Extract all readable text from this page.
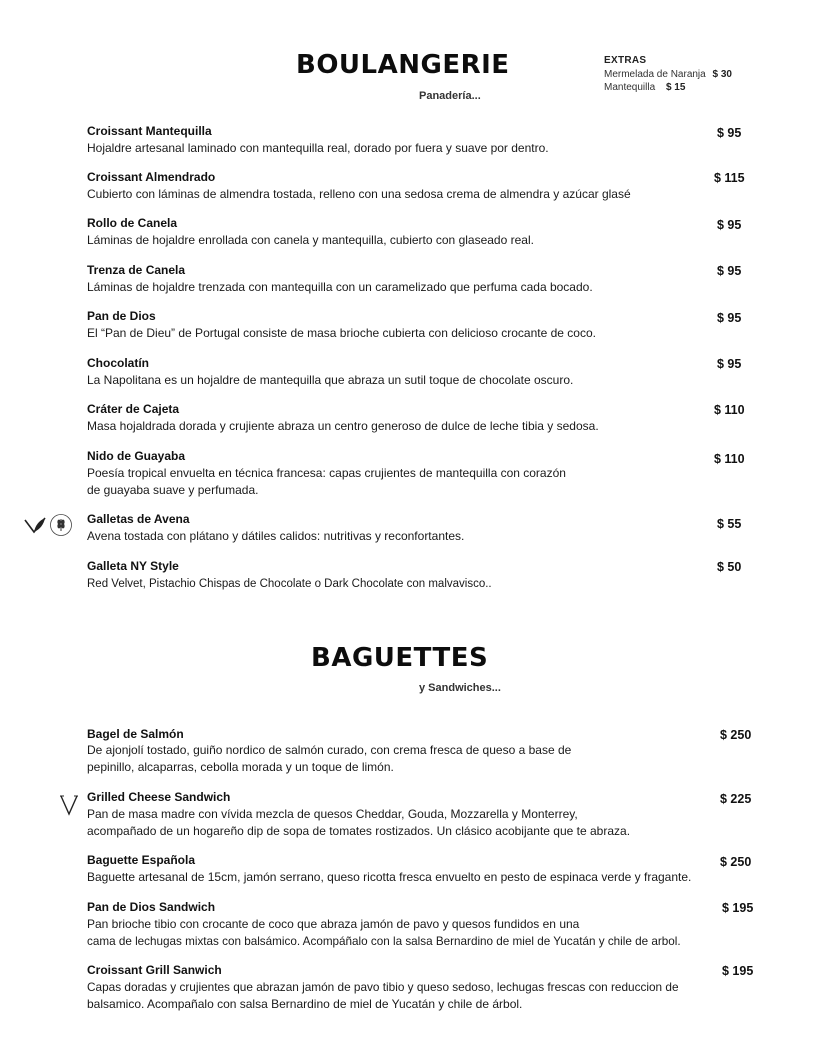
BOULANGERIE
Panadería...
EXTRAS
Mermelada de Naranja $ 30
Mantequilla $ 15
Croissant Mantequilla	$ 95
Hojaldre artesanal laminado con mantequilla real, dorado por fuera y suave por dentro.
Croissant Almendrado	$ 115
Cubierto con láminas de almendra tostada, relleno con una sedosa crema de almendra y azúcar glasé
Rollo de Canela	$ 95
Láminas de hojaldre enrollada con canela y mantequilla, cubierto con glaseado real.
Trenza de Canela	$ 95
Láminas de hojaldre trenzada con mantequilla con un caramelizado que perfuma cada bocado.
Pan de Dios	$ 95
El “Pan de Dieu” de Portugal consiste de masa brioche cubierta con delicioso crocante de coco.
Chocolatín	$ 95
La Napolitana es un hojaldre de mantequilla que abraza un sutil toque de chocolate oscuro.
Cráter de Cajeta	$ 110
Masa hojaldrada dorada y crujiente abraza un centro generoso de dulce de leche tibia y sedosa.
Nido de Guayaba	$ 110
Poesía tropical envuelta en técnica francesa: capas crujientes de mantequilla con corazón
de guayaba suave y perfumada.
Galletas de Avena	$ 55
Avena tostada con plátano y dátiles calidos: nutritivas y reconfortantes.
Galleta NY Style	$ 50
Red Velvet, Pistachio Chispas de Chocolate o Dark Chocolate con malvavisco..
BAGUETTES
y Sandwiches...
Bagel de Salmón	$ 250
De ajonjolí tostado, guiño nordico de salmón curado, con crema fresca de queso a base de
pepinillo, alcaparras, cebolla morada y un toque de limón.
Grilled Cheese Sandwich	$ 225
Pan de masa madre con vívida mezcla de quesos Cheddar, Gouda, Mozzarella y Monterrey,
acompañado de un hogareño dip de sopa de tomates rostizados. Un clásico acobijante que te abraza.
Baguette Española	$ 250
Baguette artesanal de 15cm, jamón serrano, queso ricotta fresca envuelto en pesto de espinaca verde y fragante.
Pan de Dios Sandwich	$ 195
Pan brioche tibio con crocante de coco que abraza jamón de pavo y quesos fundidos en una
cama de lechugas mixtas con balsámico. Acompáñalo con la salsa Bernardino de miel de Yucatán y chile de arbol.
Croissant Grill Sanwich	$ 195
Capas doradas y crujientes que abrazan jamón de pavo tibio y queso sedoso, lechugas frescas con reduccion de
balsamico. Acompañalo con salsa Bernardino de miel de Yucatán y chile de árbol.
